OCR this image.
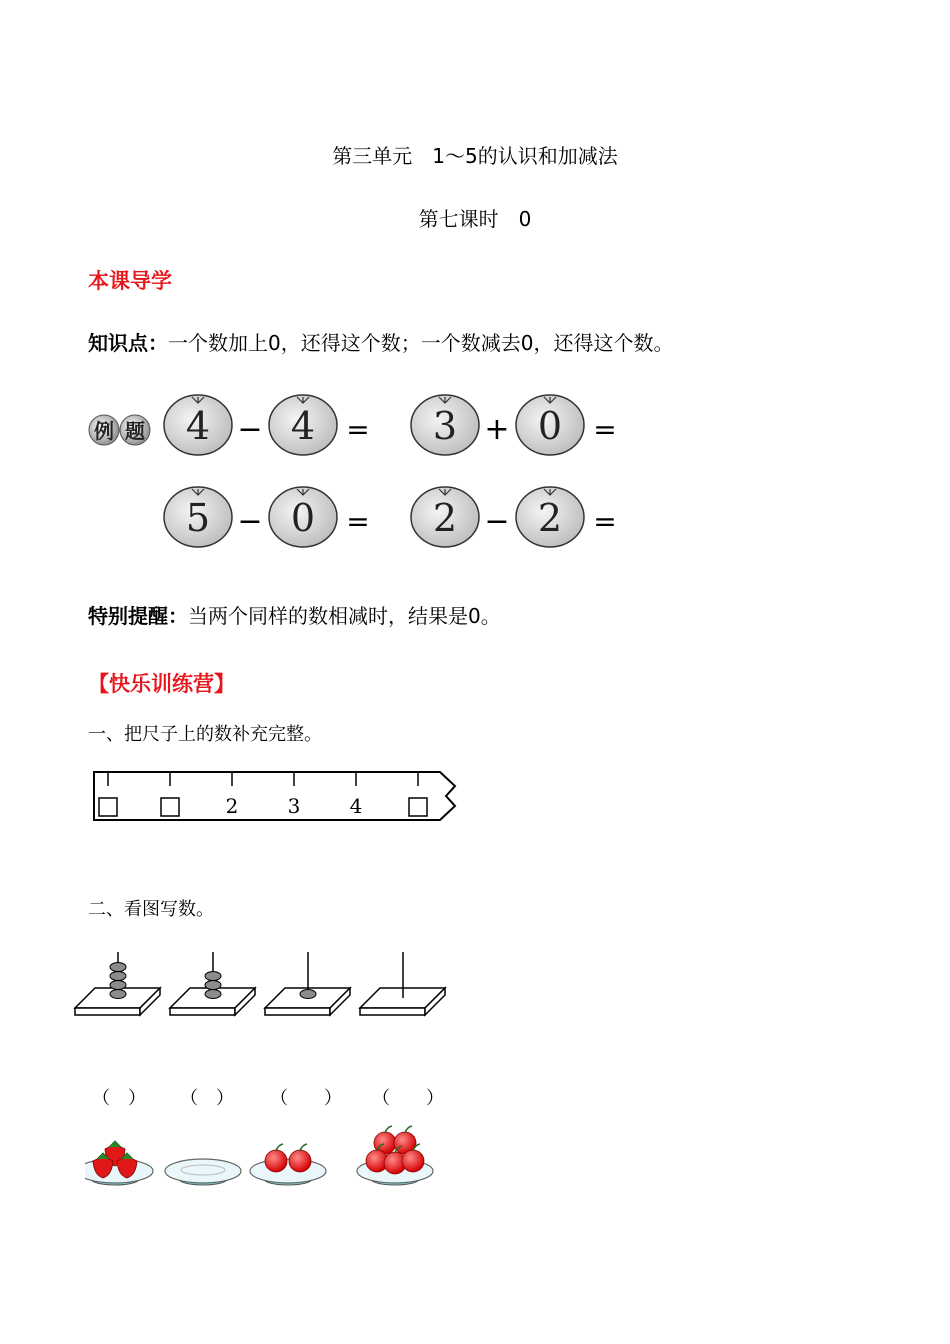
第三单元　1～5的认识和加减法
第七课时　0
本课导学
知识点：一个数加上0，还得这个数；一个数减去0，还得这个数。
例 题 4 4
−	= 3 0
+	=
5 0
−	= 2 2
−	=
特别提醒：当两个同样的数相减时，结果是0。
【快乐训练营】
一、把尺子上的数补充完整。
2 3 4
二、看图写数。
（　） （　） （　　） （　　）
